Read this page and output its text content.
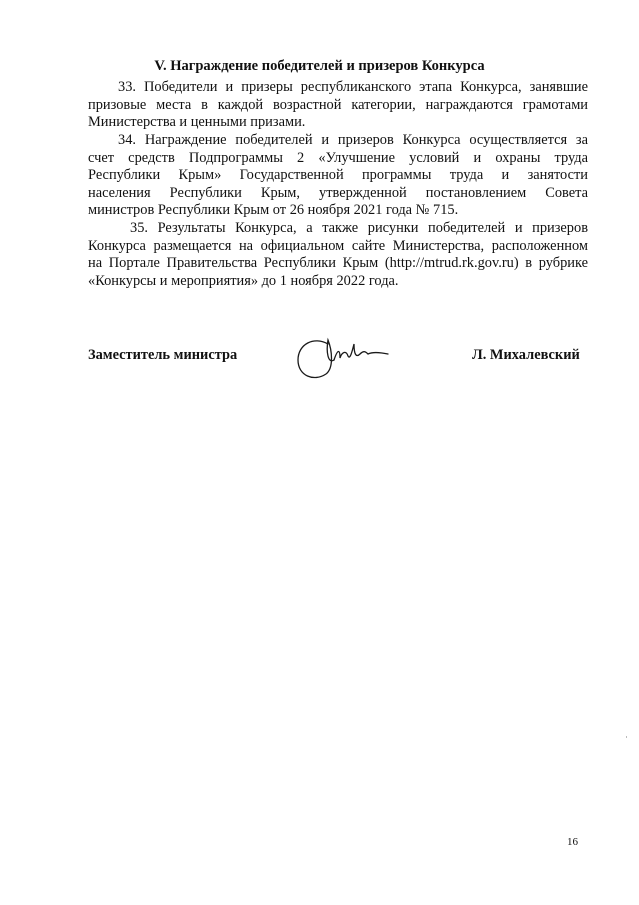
V. Награждение победителей и призеров Конкурса
33. Победители и призеры республиканского этапа Конкурса, занявшие
призовые места в каждой возрастной категории, награждаются грамотами
Министерства и ценными призами.
34. Награждение победителей и призеров Конкурса осуществляется за
счет средств Подпрограммы 2 «Улучшение условий и охраны труда
Республики Крым» Государственной программы труда и занятости
населения Республики Крым, утвержденной постановлением Совета
министров Республики Крым от 26 ноября 2021 года № 715.
35. Результаты Конкурса, а также рисунки победителей и призеров
Конкурса размещается на официальном сайте Министерства, расположенном
на Портале Правительства Республики Крым (http://mtrud.rk.gov.ru) в рубрике
«Конкурсы и мероприятия» до 1 ноября 2022 года.
Заместитель министра	Л. Михалевский
16
